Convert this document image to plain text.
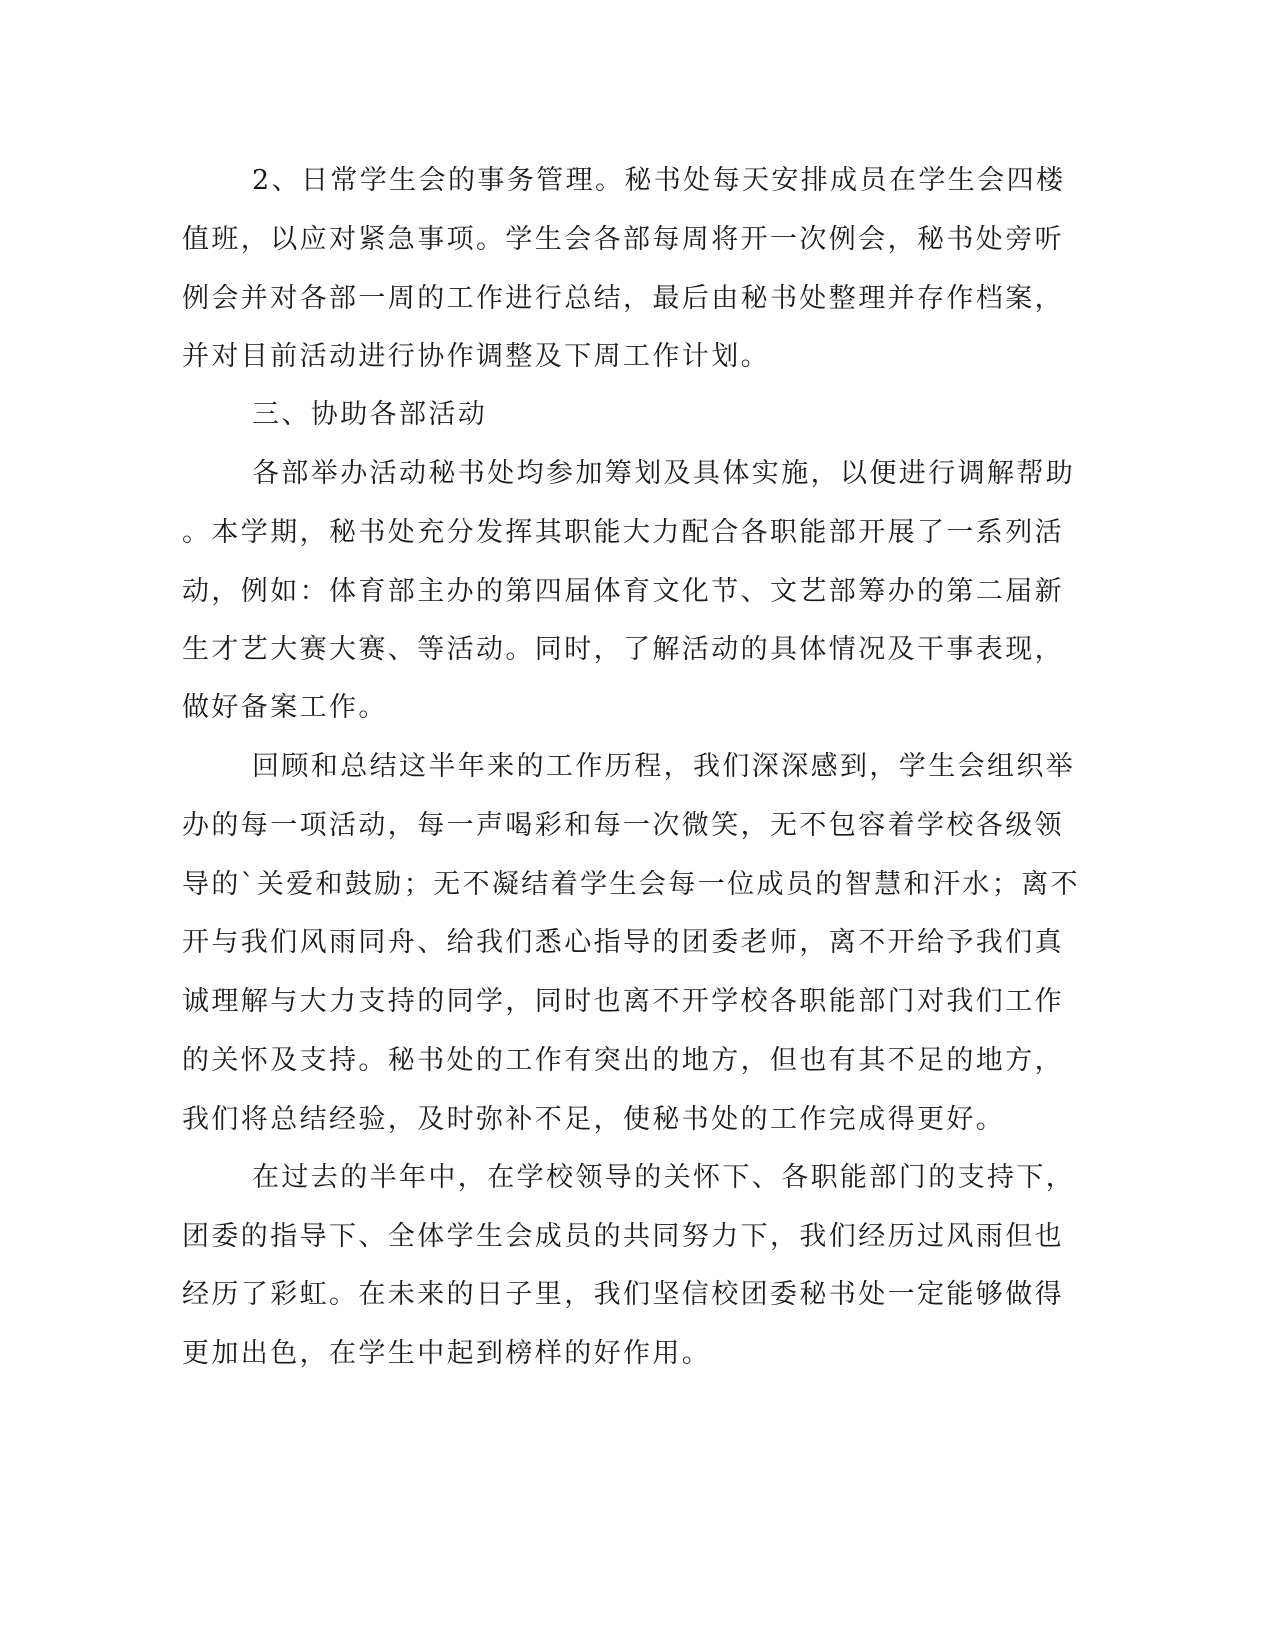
2、日常学生会的事务管理。秘书处每天安排成员在学生会四楼
值班，以应对紧急事项。学生会各部每周将开一次例会，秘书处旁听
例会并对各部一周的工作进行总结，最后由秘书处整理并存作档案，
并对目前活动进行协作调整及下周工作计划。
三、协助各部活动
各部举办活动秘书处均参加筹划及具体实施，以便进行调解帮助
。本学期，秘书处充分发挥其职能大力配合各职能部开展了一系列活
动，例如：体育部主办的第四届体育文化节、文艺部筹办的第二届新
生才艺大赛大赛、等活动。同时，了解活动的具体情况及干事表现，
做好备案工作。
回顾和总结这半年来的工作历程，我们深深感到，学生会组织举
办的每一项活动，每一声喝彩和每一次微笑，无不包容着学校各级领
导的`关爱和鼓励；无不凝结着学生会每一位成员的智慧和汗水；离不
开与我们风雨同舟、给我们悉心指导的团委老师，离不开给予我们真
诚理解与大力支持的同学，同时也离不开学校各职能部门对我们工作
的关怀及支持。秘书处的工作有突出的地方，但也有其不足的地方，
我们将总结经验，及时弥补不足，使秘书处的工作完成得更好。
在过去的半年中，在学校领导的关怀下、各职能部门的支持下，
团委的指导下、全体学生会成员的共同努力下，我们经历过风雨但也
经历了彩虹。在未来的日子里，我们坚信校团委秘书处一定能够做得
更加出色，在学生中起到榜样的好作用。
